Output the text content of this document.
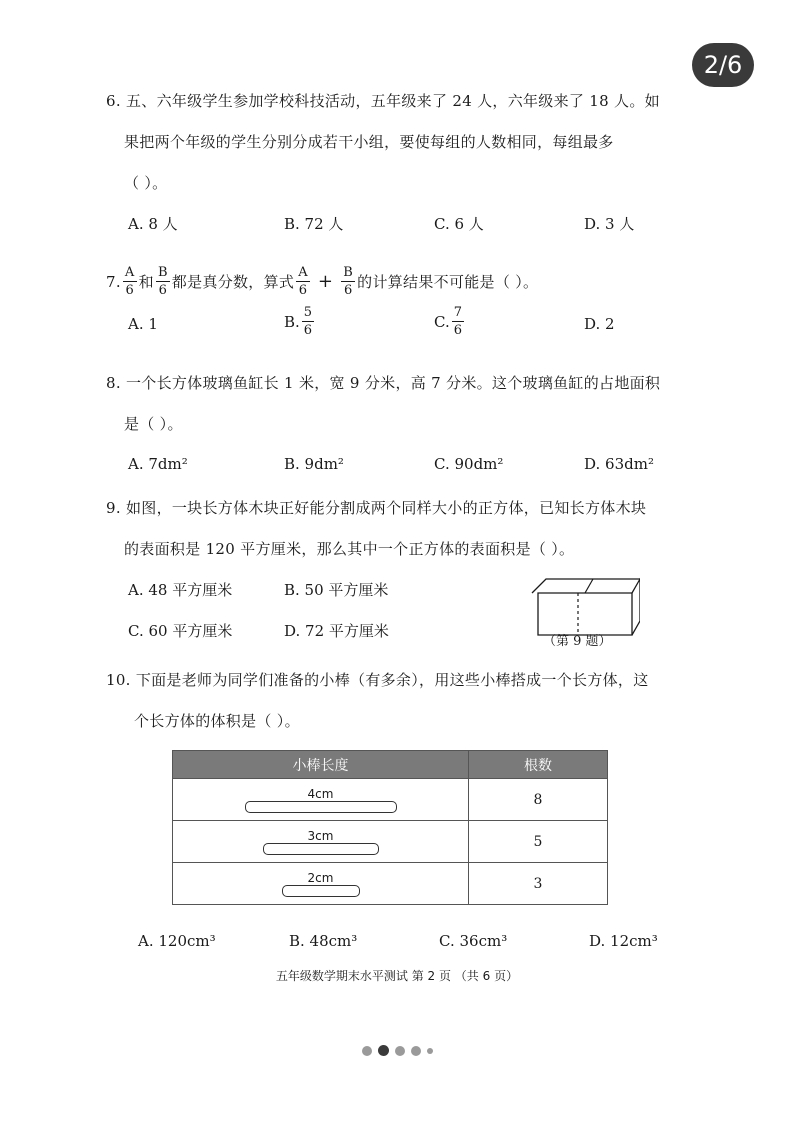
2/6
6. 五、六年级学生参加学校科技活动，五年级来了 24 人，六年级来了 18 人。如
果把两个年级的学生分别分成若干小组，要使每组的人数相同，每组最多
（ ）。
A. 8 人	B. 72 人	C. 6 人	D. 3 人
7. $\frac{A}{6}$ 和 $\frac{B}{6}$ 都是真分数，算式 $\frac{A}{6} + \frac{B}{6}$ 的计算结果不可能是（ ）。
A. 1	B. $\frac{5}{6}$	C. $\frac{7}{6}$	D. 2
8. 一个长方体玻璃鱼缸长 1 米，宽 9 分米，高 7 分米。这个玻璃鱼缸的占地面积
是（ ）。
A. 7dm²	B. 9dm²	C. 90dm²	D. 63dm²
9. 如图，一块长方体木块正好能分割成两个同样大小的正方体，已知长方体木块
的表面积是 120 平方厘米，那么其中一个正方体的表面积是（ ）。
A. 48 平方厘米	B. 50 平方厘米
C. 60 平方厘米	D. 72 平方厘米
（第 9 题）
10. 下面是老师为同学们准备的小棒（有多余），用这些小棒搭成一个长方体，这
个长方体的体积是（ ）。
小棒长度	根数

4cm	8

3cm	5

2cm	3
A. 120cm³	B. 48cm³	C. 36cm³	D. 12cm³
五年级数学期末水平测试 第 2 页 （共 6 页）
